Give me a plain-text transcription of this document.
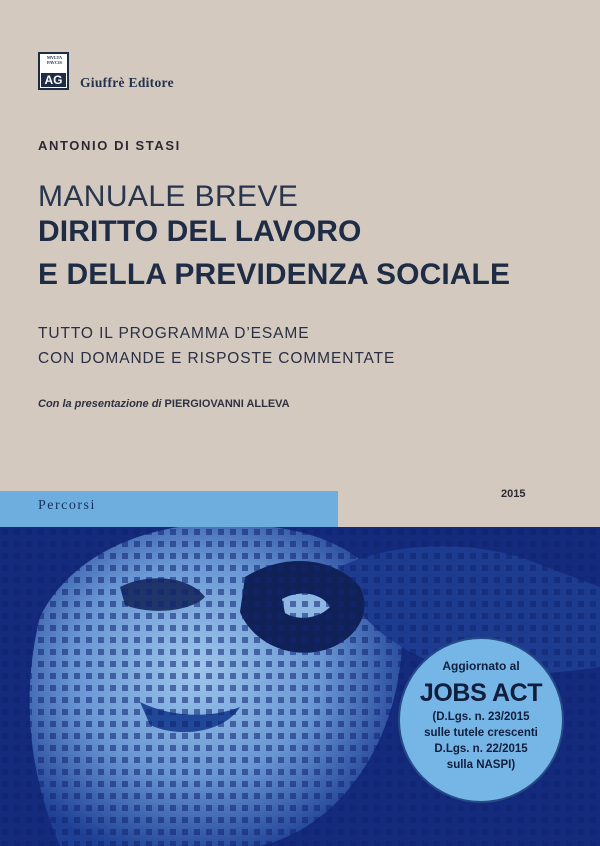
MVLTA
PAVCIS
AG Giuffrè Editore
ANTONIO DI STASI
MANUALE BREVE
DIRITTO DEL LAVORO
E DELLA PREVIDENZA SOCIALE
TUTTO IL PROGRAMMA D’ESAME
CON DOMANDE E RISPOSTE COMMENTATE
Con la presentazione di PIERGIOVANNI ALLEVA
Percorsi
2015
Aggiornato al
JOBS ACT
(D.Lgs. n. 23/2015
sulle tutele crescenti
D.Lgs. n. 22/2015
sulla NASPI)
